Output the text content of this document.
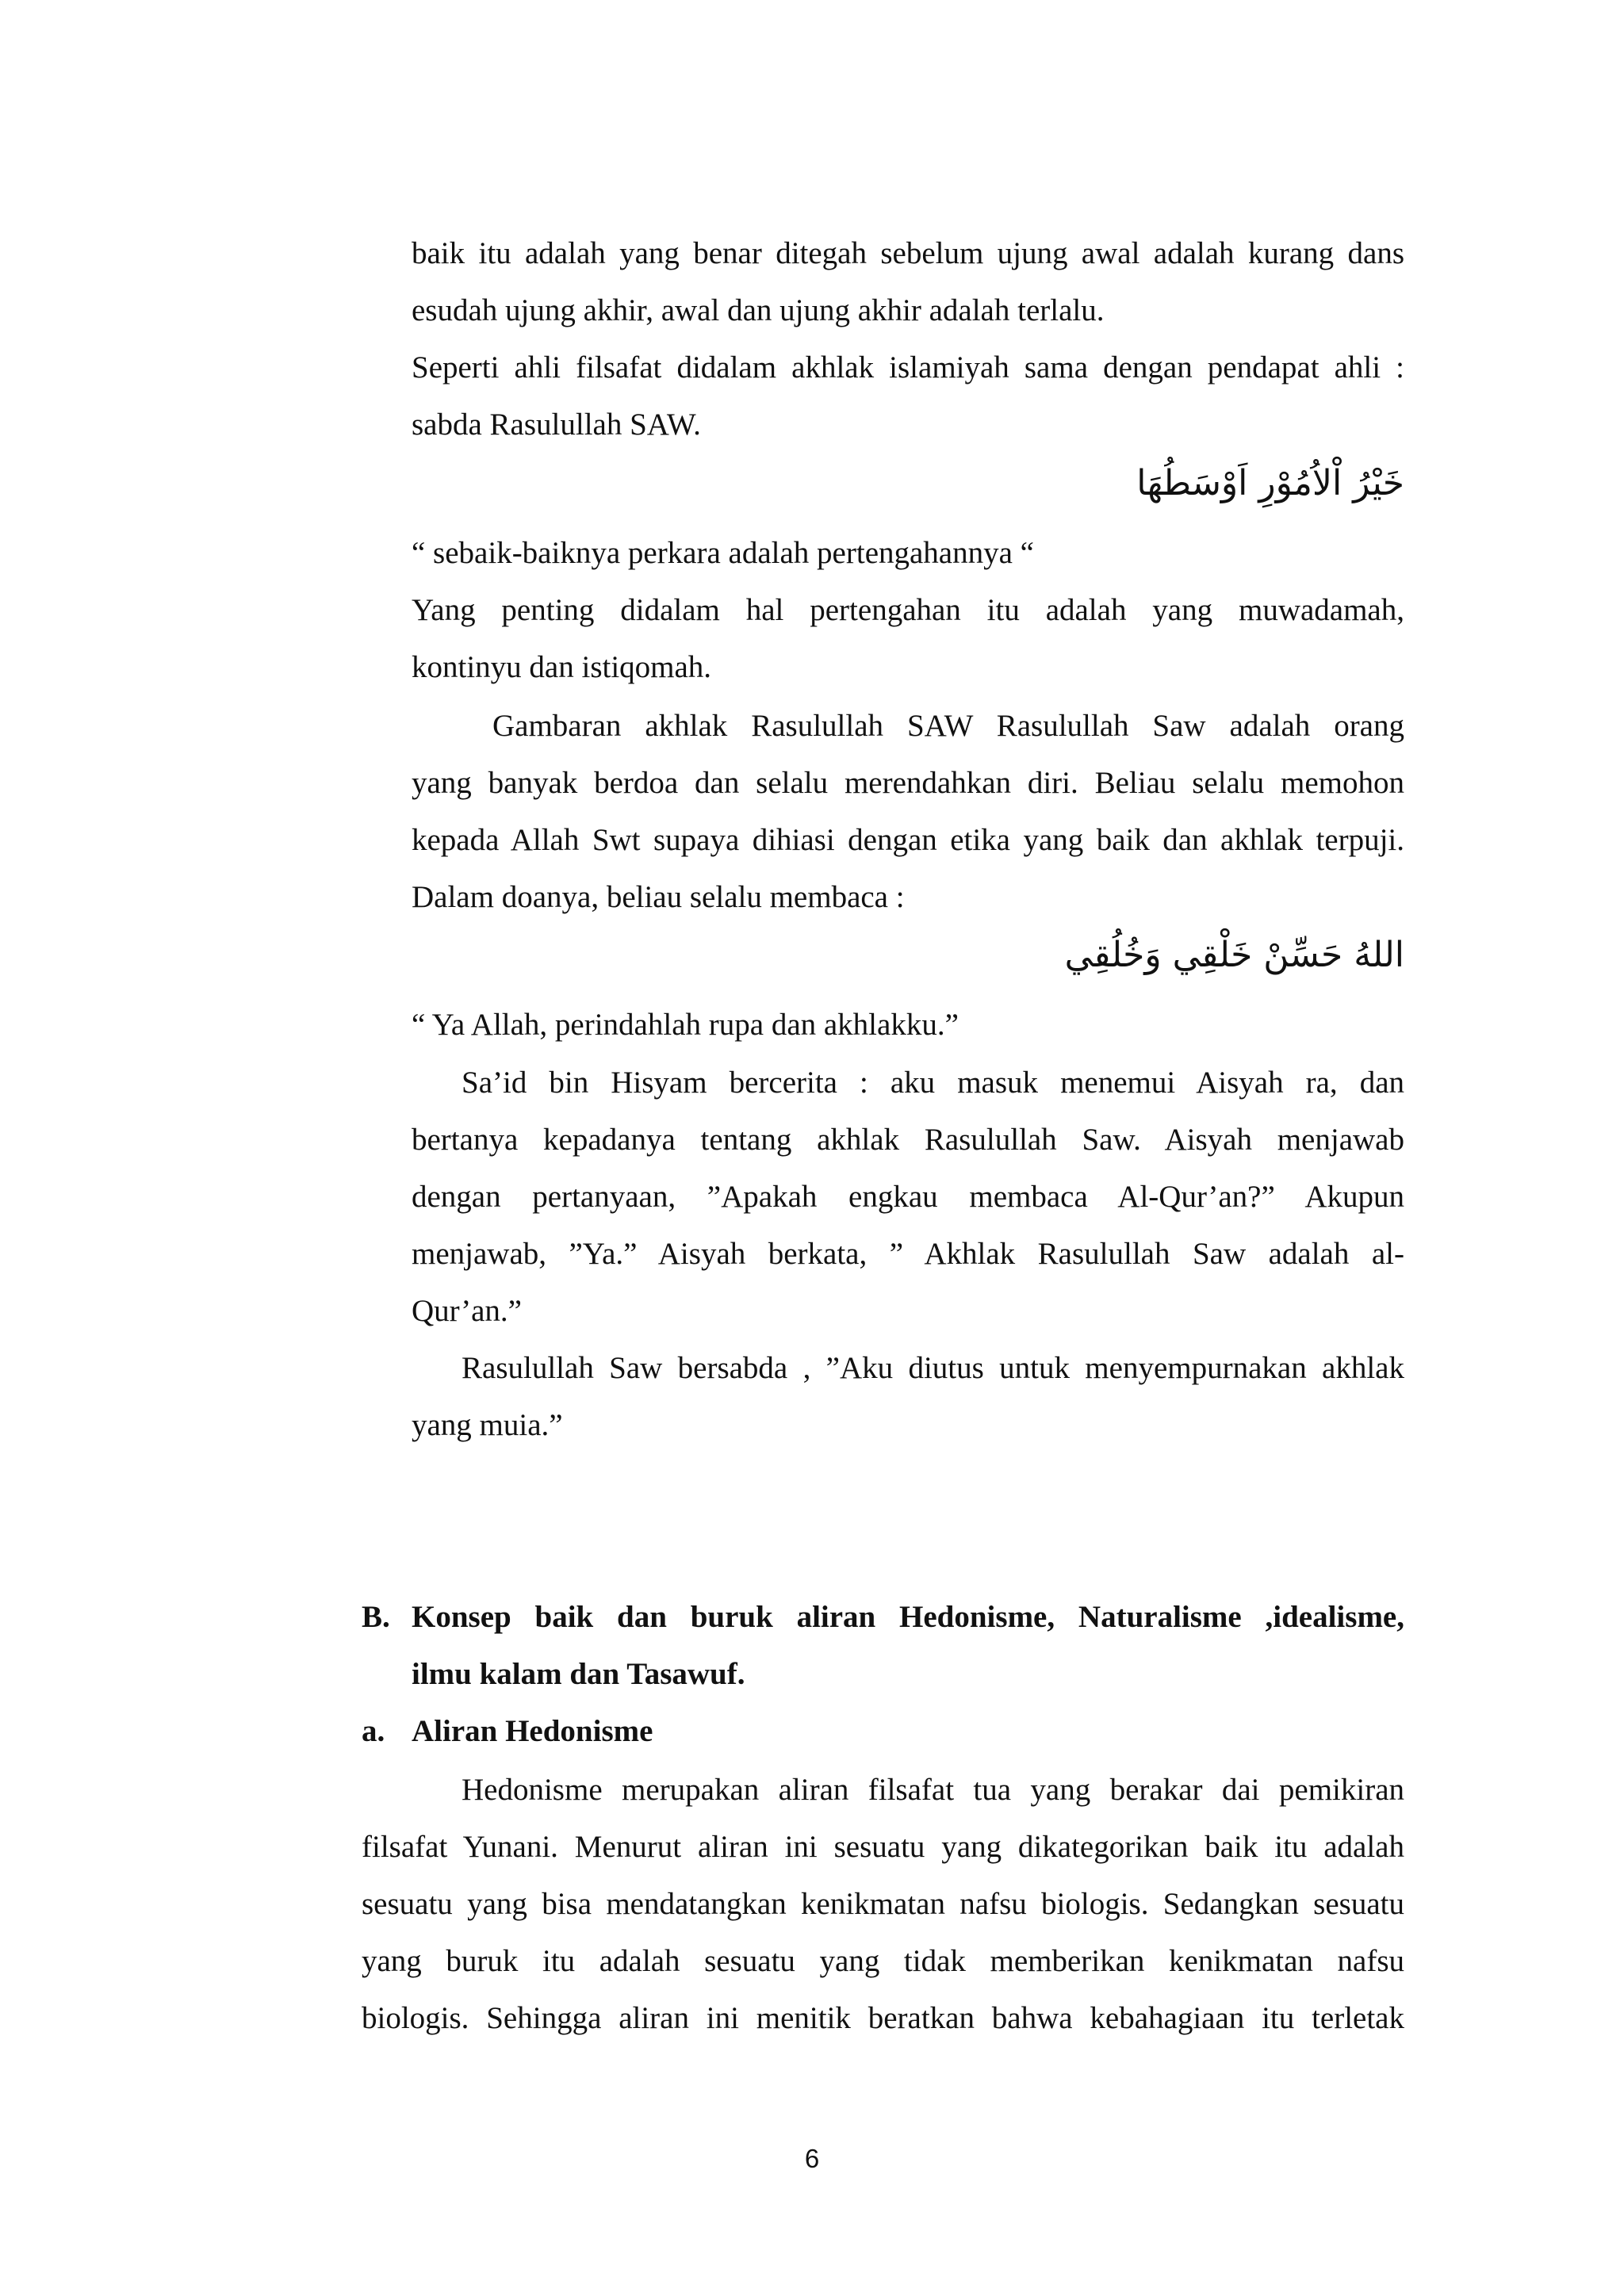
baik itu adalah yang benar ditegah sebelum ujung awal adalah kurang dans
esudah ujung akhir, awal dan ujung akhir adalah terlalu.
Seperti ahli filsafat didalam akhlak islamiyah sama dengan pendapat ahli :
sabda Rasulullah SAW.
خَيْرُ اْلاُمُوْرِ اَوْسَطُهَا
“ sebaik-baiknya perkara adalah pertengahannya “
Yang penting didalam hal pertengahan itu adalah yang muwadamah,
kontinyu dan istiqomah.
Gambaran akhlak Rasulullah SAW Rasulullah Saw adalah orang
yang banyak berdoa dan selalu merendahkan diri. Beliau selalu memohon
kepada Allah Swt supaya dihiasi dengan etika yang baik dan akhlak terpuji.
Dalam doanya, beliau selalu membaca :
اللهُ حَسِّنْ خَلْقِي وَخُلُقِي
“ Ya Allah, perindahlah rupa dan akhlakku.”
Sa’id bin Hisyam bercerita : aku masuk menemui Aisyah ra, dan
bertanya kepadanya tentang akhlak Rasulullah Saw. Aisyah menjawab
dengan pertanyaan, ”Apakah engkau membaca Al-Qur’an?” Akupun
menjawab, ”Ya.” Aisyah berkata, ” Akhlak Rasulullah Saw adalah al-
Qur’an.”
Rasulullah Saw bersabda , ”Aku diutus untuk menyempurnakan akhlak
yang muia.”
B. Konsep baik dan buruk aliran Hedonisme, Naturalisme ,idealisme,
ilmu kalam dan Tasawuf.
a. Aliran Hedonisme
Hedonisme merupakan aliran filsafat tua yang berakar dai pemikiran
filsafat Yunani. Menurut aliran ini sesuatu yang dikategorikan baik itu adalah
sesuatu yang bisa mendatangkan kenikmatan nafsu biologis. Sedangkan sesuatu
yang buruk itu adalah sesuatu yang tidak memberikan kenikmatan nafsu
biologis. Sehingga aliran ini menitik beratkan bahwa kebahagiaan itu terletak
6
